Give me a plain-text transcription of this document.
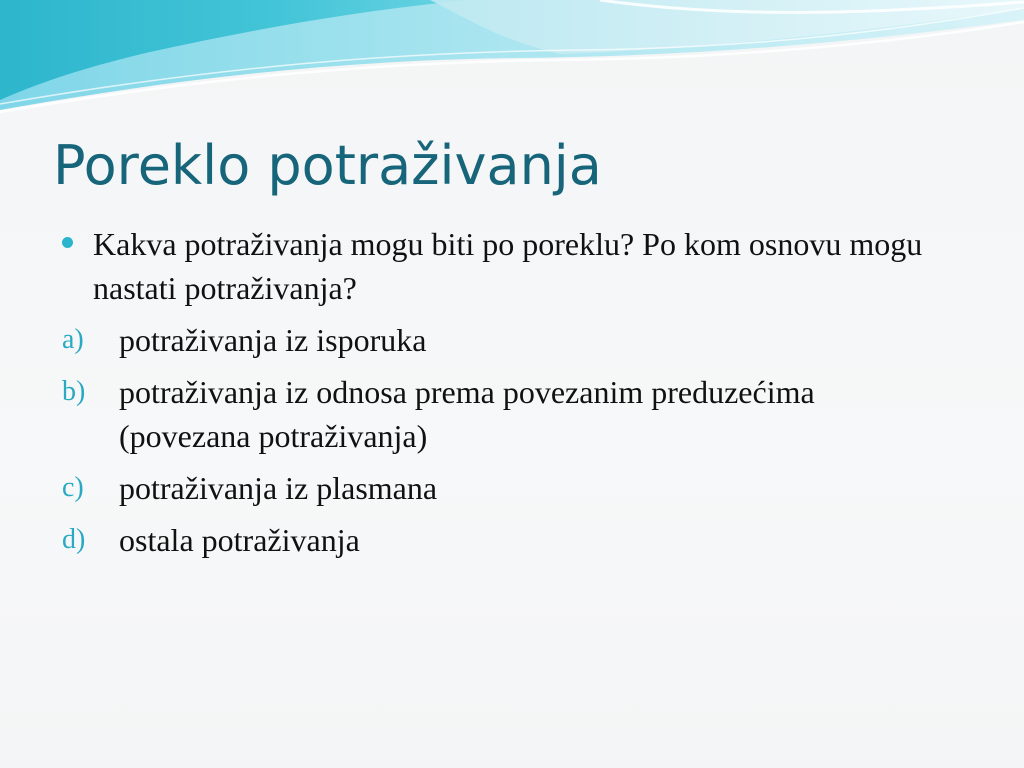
Poreklo potraživanja
Kakva potraživanja mogu biti po poreklu? Po kom osnovu mogu nastati potraživanja?
a)	potraživanja iz isporuka
b)	potraživanja iz odnosa prema povezanim preduzećima (povezana potraživanja)
c)	potraživanja iz plasmana
d)	ostala potraživanja
